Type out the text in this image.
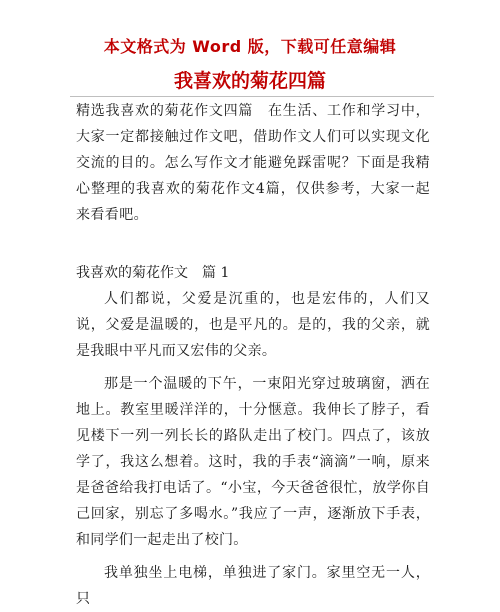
本文格式为 Word 版，下载可任意编辑
我喜欢的菊花四篇

精选我喜欢的菊花作文四篇　在生活、工作和学习中，大家一定都接触过作文吧，借助作文人们可以实现文化交流的目的。怎么写作文才能避免踩雷呢？下面是我精心整理的我喜欢的菊花作文4篇，仅供参考，大家一起来看看吧。

我喜欢的菊花作文　篇 1

人们都说，父爱是沉重的，也是宏伟的，人们又说，父爱是温暖的，也是平凡的。是的，我的父亲，就是我眼中平凡而又宏伟的父亲。

那是一个温暖的下午，一束阳光穿过玻璃窗，洒在地上。教室里暖洋洋的，十分惬意。我伸长了脖子，看见楼下一列一列长长的路队走出了校门。四点了，该放学了，我这么想着。这时，我的手表“滴滴”一响，原来是爸爸给我打电话了。“小宝，今天爸爸很忙，放学你自己回家，别忘了多喝水。”我应了一声，逐渐放下手表，和同学们一起走出了校门。

我单独坐上电梯，单独进了家门。家里空无一人，只
